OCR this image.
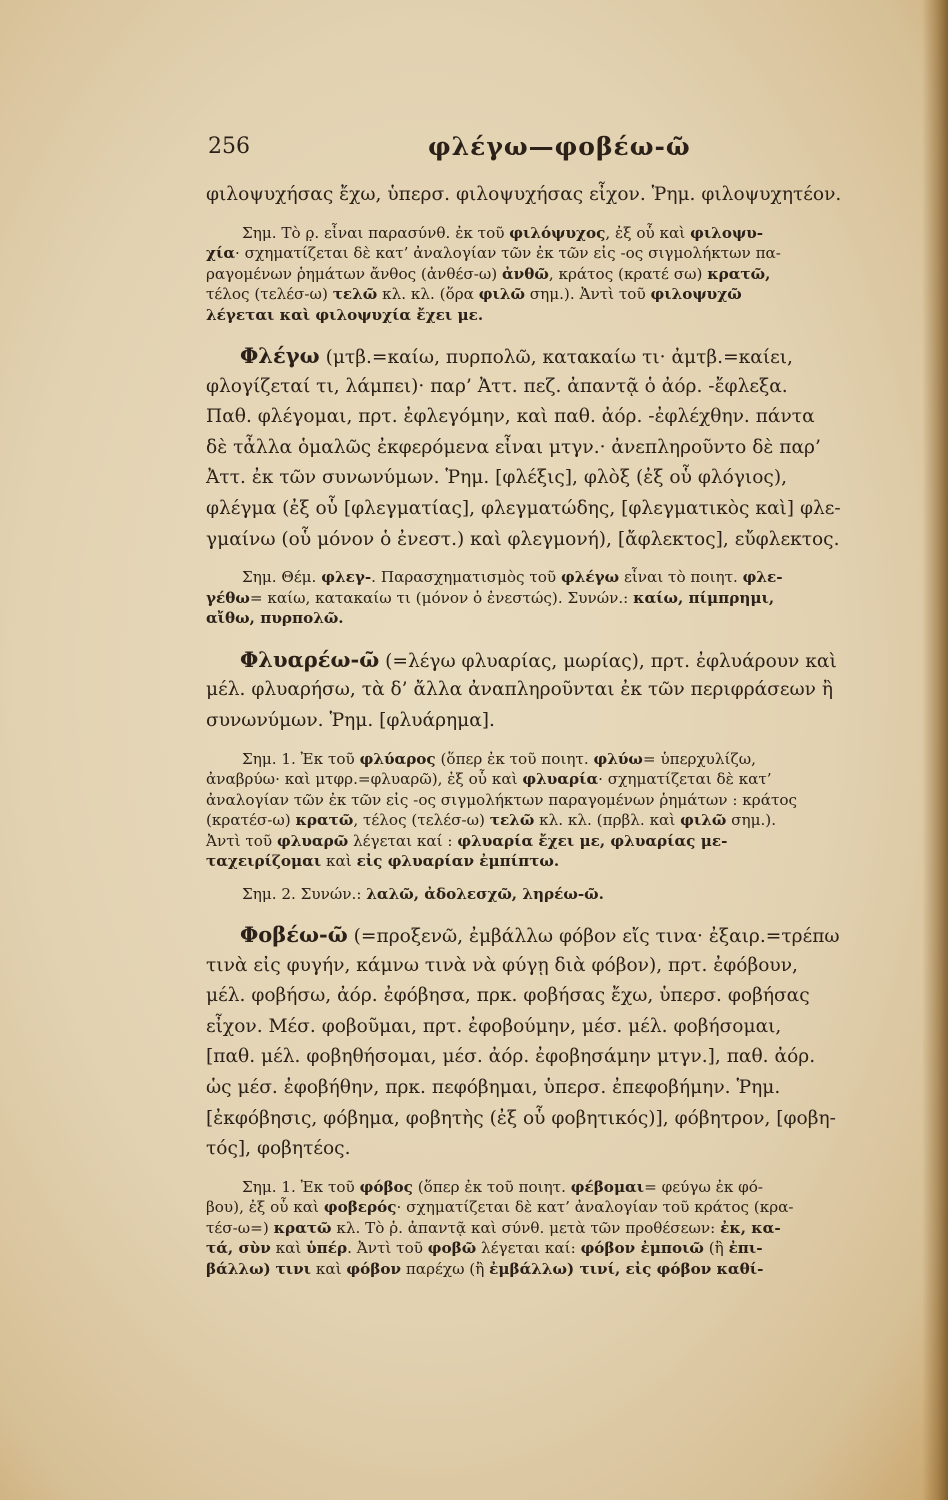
256	φλέγω—φοβέω-ῶ
φιλοψυχήσας ἔχω, ὑπερσ. φιλοψυχήσας εἶχον. Ῥημ. φιλοψυχητέον.
Σημ. Τὸ ρ̣. εἶναι παρασύνθ. ἐκ τοῦ φιλόψυχος, ἐξ οὗ καὶ φιλοψυ-
χία· σχηματίζεται δὲ κατ’ ἀναλογίαν τῶν ἐκ τῶν εἰς -ος σιγμολήκτων πα-
ραγομένων ῥημάτων ἄνθος (ἀνθέσ-ω) ἀνθῶ, κράτος (κρατέ σω) κρατῶ,
τέλος (τελέσ-ω) τελῶ κλ. κλ. (ὅρα φιλῶ σημ.). Ἀντὶ τοῦ φιλοψυχῶ
λέγεται καὶ φιλοψυχία ἔχει με.
Φλέγω (μτβ.=καίω, πυρπολῶ, κατακαίω τι· ἀμτβ.=καίει,
φλογίζεταί τι, λάμπει)· παρ’ Ἀττ. πεζ. ἀπαντᾷ ὁ ἀόρ. -ἔφλεξα.
Παθ. φλέγομαι, πρτ. ἐφλεγόμην, καὶ παθ. ἀόρ. -ἐφλέχθην. πάντα
δὲ τἆλλα ὁμαλῶς ἐκφερόμενα εἶναι μτγν.· ἀνεπληροῦντο δὲ παρ’
Ἀττ. ἐκ τῶν συνωνύμων. Ῥημ. [φλέξις], φλὸξ (ἐξ οὗ φλόγιος),
φλέγμα (ἐξ οὗ [φλεγματίας], φλεγματώδης, [φλεγματικὸς καὶ] φλε-
γμαίνω (οὗ μόνον ὁ ἐνεστ.) καὶ φλεγμονή), [ἄφλεκτος], εὔφλεκτος.
Σημ. Θέμ. φλεγ-. Παρασχηματισμὸς τοῦ φλέγω εἶναι τὸ ποιητ. φλε-
γέθω= καίω, κατακαίω τι (μόνον ὁ ἐνεστώς). Συνών.: καίω, πίμπρημι,
αἴθω, πυρπολῶ.
Φλυαρέω-ῶ (=λέγω φλυαρίας, μωρίας), πρτ. ἐφλυάρουν καὶ
μέλ. φλυαρήσω, τὰ δ’ ἄλλα ἀναπληροῦνται ἐκ τῶν περιφράσεων ἢ
συνωνύμων. Ῥημ. [φλυάρημα].
Σημ. 1. Ἐκ τοῦ φλύαρος (ὅπερ ἐκ τοῦ ποιητ. φλύω= ὑπερχυλίζω,
ἀναβρύω· καὶ μτφρ.=φλυαρῶ), ἐξ οὗ καὶ φλυαρία· σχηματίζεται δὲ κατ’
ἀναλογίαν τῶν ἐκ τῶν εἰς -ος σιγμολήκτων παραγομένων ῥημάτων : κράτος
(κρατέσ-ω) κρατῶ, τέλος (τελέσ-ω) τελῶ κλ. κλ. (πρβλ. καὶ φιλῶ σημ.).
Ἀντὶ τοῦ φλυαρῶ λέγεται καί : φλυαρία ἔχει με, φλυαρίας με-
ταχειρίζομαι καὶ εἰς φλυαρίαν ἐμπίπτω.
Σημ. 2. Συνών.: λαλῶ, ἀδολεσχῶ, ληρέω-ῶ.
Φοβέω-ῶ (=προξενῶ, ἐμβάλλω φόβον εἴς τινα· ἐξαιρ.=τρέπω
τινὰ εἰς φυγήν, κάμνω τινὰ νὰ φύγῃ διὰ φόβον), πρτ. ἐφόβουν,
μέλ. φοβήσω, ἀόρ. ἐφόβησα, πρκ. φοβήσας ἔχω, ὑπερσ. φοβήσας
εἶχον. Μέσ. φοβοῦμαι, πρτ. ἐφοβούμην, μέσ. μέλ. φοβήσομαι,
[παθ. μέλ. φοβηθήσομαι, μέσ. ἀόρ. ἐφοβησάμην μτγν.], παθ. ἀόρ.
ὡς μέσ. ἐφοβήθην, πρκ. πεφόβημαι, ὑπερσ. ἐπεφοβήμην. Ῥημ.
[ἐκφόβησις, φόβημα, φοβητὴς (ἐξ οὗ φοβητικός)], φόβητρον, [φοβη-
τός], φοβητέος.
Σημ. 1. Ἐκ τοῦ φόβος (ὅπερ ἐκ τοῦ ποιητ. φέβομαι= φεύγω ἐκ φό-
βου), ἐξ οὗ καὶ φοβερός· σχηματίζεται δὲ κατ’ ἀναλογίαν τοῦ κράτος (κρα-
τέσ-ω=) κρατῶ κλ. Τὸ ῥ. ἀπαντᾷ καὶ σύνθ. μετὰ τῶν προθέσεων: ἐκ, κα-
τά, σὺν καὶ ὑπέρ. Ἀντὶ τοῦ φοβῶ λέγεται καί: φόβον ἐμποιῶ (ἢ ἐπι-
βάλλω) τινι καὶ φόβον παρέχω (ἢ ἐμβάλλω) τινί, εἰς φόβον καθί-
